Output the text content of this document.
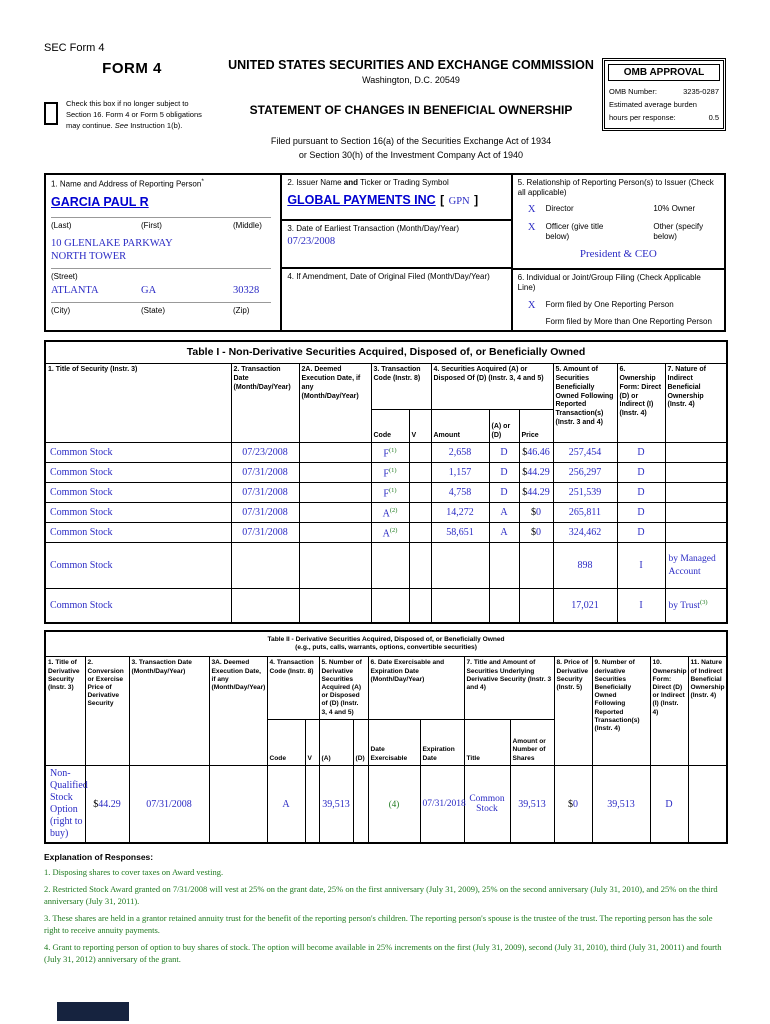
SEC Form 4
FORM 4
Check this box if no longer subject to Section 16. Form 4 or Form 5 obligations may continue. See Instruction 1(b).
UNITED STATES SECURITIES AND EXCHANGE COMMISSION
Washington, D.C. 20549
STATEMENT OF CHANGES IN BENEFICIAL OWNERSHIP
Filed pursuant to Section 16(a) of the Securities Exchange Act of 1934
or Section 30(h) of the Investment Company Act of 1940
OMB APPROVAL
OMB Number:	3235-0287
Estimated average burden
hours per response:	0.5
1. Name and Address of Reporting Person*
GARCIA PAUL R
(Last)	(First)	(Middle)
10 GLENLAKE PARKWAY
NORTH TOWER
(Street)
ATLANTA	GA	30328
(City)	(State)	(Zip)
2. Issuer Name and Ticker or Trading Symbol
GLOBAL PAYMENTS INC [ GPN ]
3. Date of Earliest Transaction (Month/Day/Year)
07/23/2008
4. If Amendment, Date of Original Filed (Month/Day/Year)
5. Relationship of Reporting Person(s) to Issuer (Check all applicable)
X	Director	10% Owner
X	Officer (give title below)
Other (specify below)
President & CEO
6. Individual or Joint/Group Filing (Check Applicable Line)
X	Form filed by One Reporting Person
Form filed by More than One Reporting Person
Table I - Non-Derivative Securities Acquired, Disposed of, or Beneficially Owned										
1. Title of Security (Instr. 3)	2. Transaction Date (Month/Day/Year)	2A. Deemed Execution Date, if any (Month/Day/Year)	3. Transaction Code (Instr. 8)		4. Securities Acquired (A) or Disposed Of (D) (Instr. 3, 4 and 5)			5. Amount of Securities Beneficially Owned Following Reported Transaction(s) (Instr. 3 and 4)	6. Ownership Form: Direct (D) or Indirect (I) (Instr. 4)	7. Nature of Indirect Beneficial Ownership (Instr. 4)
			Code	V	Amount	(A) or (D)	Price			
Common Stock	07/23/2008		F$^{(1)}$		2,658	D	$46.46	257,454	D	
Common Stock	07/31/2008		F$^{(1)}$		1,157	D	$44.29	256,297	D	
Common Stock	07/31/2008		F$^{(1)}$		4,758	D	$44.29	251,539	D	
Common Stock	07/31/2008		A$^{(2)}$		14,272	A	$0	265,811	D	
Common Stock	07/31/2008		A$^{(2)}$		58,651	A	$0	324,462	D	
Common Stock								898	I	by Managed Account
Common Stock								17,021	I	by Trust$^{(3)}$
Table II - Derivative Securities Acquired, Disposed of, or Beneficially Owned
(e.g., puts, calls, warrants, options, convertible securities)															

1. Title of Derivative Security (Instr. 3)	2. Conversion or Exercise Price of Derivative Security	3. Transaction Date (Month/Day/Year)	3A. Deemed Execution Date, if any (Month/Day/Year)	4. Transaction Code (Instr. 8)		5. Number of Derivative Securities Acquired (A) or Disposed of (D) (Instr. 3, 4 and 5)		6. Date Exercisable and Expiration Date (Month/Day/Year)		7. Title and Amount of Securities Underlying Derivative Security (Instr. 3 and 4)		8. Price of Derivative Security (Instr. 5)	9. Number of derivative Securities Beneficially Owned Following Reported Transaction(s) (Instr. 4)	10. Ownership Form: Direct (D) or Indirect (I) (Instr. 4)	11. Nature of Indirect Beneficial Ownership (Instr. 4)
				Code	V	(A)	(D)	Date Exercisable	Expiration Date	Title	Amount or Number of Shares				
Non-Qualified Stock Option (right to buy)	$44.29	07/31/2008		A		39,513		(4)	07/31/2018	Common Stock	39,513	$0	39,513	D	
Explanation of Responses:
1. Disposing shares to cover taxes on Award vesting.
2. Restricted Stock Award granted on 7/31/2008 will vest at 25% on the grant date, 25% on the first anniversary (July 31, 2009), 25% on the second anniversary (July 31, 2010), and 25% on the third anniversary (July 31, 2011).
3. These shares are held in a grantor retained annuity trust for the benefit of the reporting person's children. The reporting person's spouse is the trustee of the trust. The reporting person has the sole right to receive annuity payments.
4. Grant to reporting person of option to buy shares of stock. The option will become available in 25% increments on the first (July 31, 2009), second (July 31, 2010), third (July 31, 20011) and fourth (July 31, 2012) anniversary of the grant.
